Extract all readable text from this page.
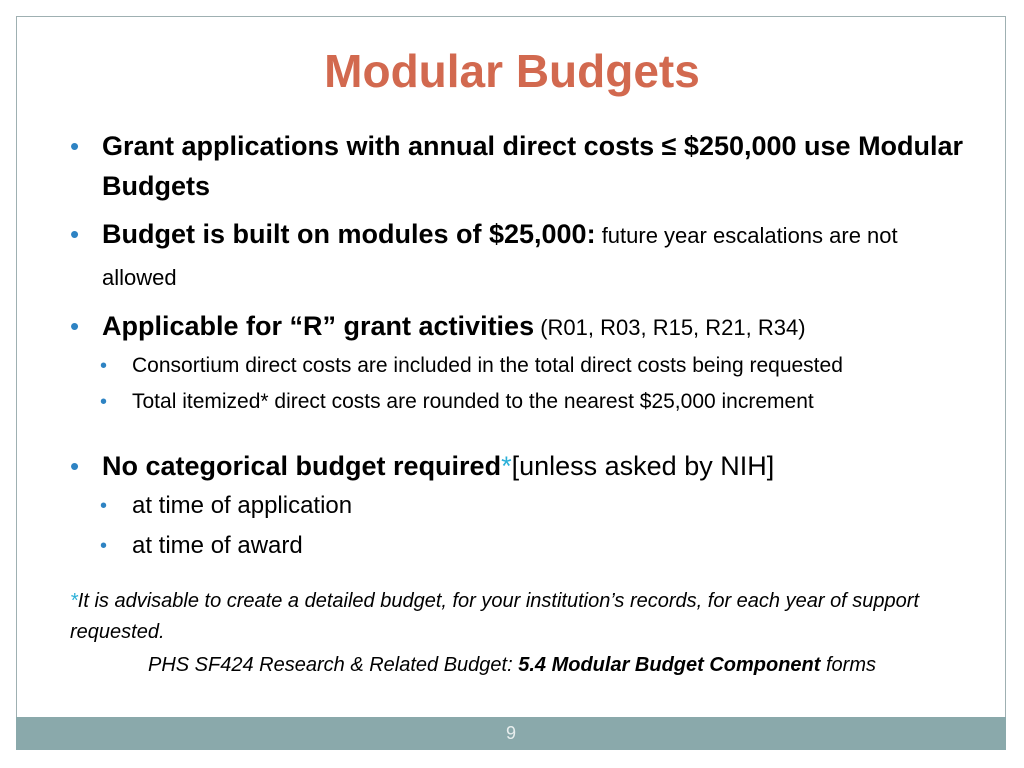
Modular Budgets

• Grant applications with annual direct costs ≤ $250,000 use Modular Budgets

• Budget is built on modules of $25,000: future year escalations are not allowed

• Applicable for “R” grant activities (R01, R03, R15, R21, R34)

• Consortium direct costs are included in the total direct costs being requested
• Total itemized* direct costs are rounded to the nearest $25,000 increment

• No categorical budget required*[unless asked by NIH]

• at time of application
• at time of award
*It is advisable to create a detailed budget, for your institution’s records, for each year of support requested.
PHS SF424 Research & Related Budget: 5.4 Modular Budget Component forms
9
